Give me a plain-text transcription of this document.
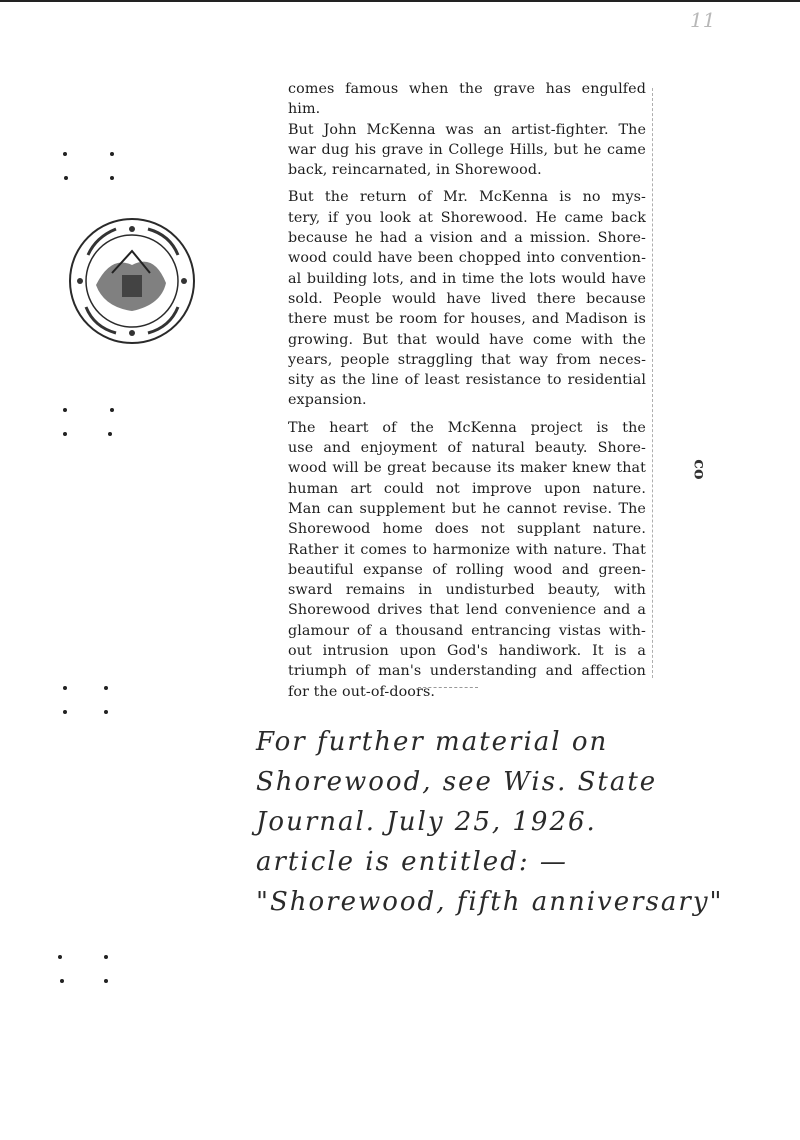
11
comes famous when the grave has engulfed him.
But John McKenna was an artist-fighter. The
war dug his grave in College Hills, but he came
back, reincarnated, in Shorewood.
But the return of Mr. McKenna is no mys-
tery, if you look at Shorewood. He came back
because he had a vision and a mission. Shore-
wood could have been chopped into convention-
al building lots, and in time the lots would have
sold. People would have lived there because
there must be room for houses, and Madison is
growing. But that would have come with the
years, people straggling that way from neces-
sity as the line of least resistance to residential
expansion.
The heart of the McKenna project is the
use and enjoyment of natural beauty. Shore-
wood will be great because its maker knew that
human art could not improve upon nature.
Man can supplement but he cannot revise. The
Shorewood home does not supplant nature.
Rather it comes to harmonize with nature. That
beautiful expanse of rolling wood and green-
sward remains in undisturbed beauty, with
Shorewood drives that lend convenience and a
glamour of a thousand entrancing vistas with-
out intrusion upon God's handiwork. It is a
triumph of man's understanding and affection
for the out-of-doors.
co
For further material on
Shorewood, see Wis. State
Journal. July 25, 1926.
article is entitled: —
"Shorewood, fifth anniversary"
